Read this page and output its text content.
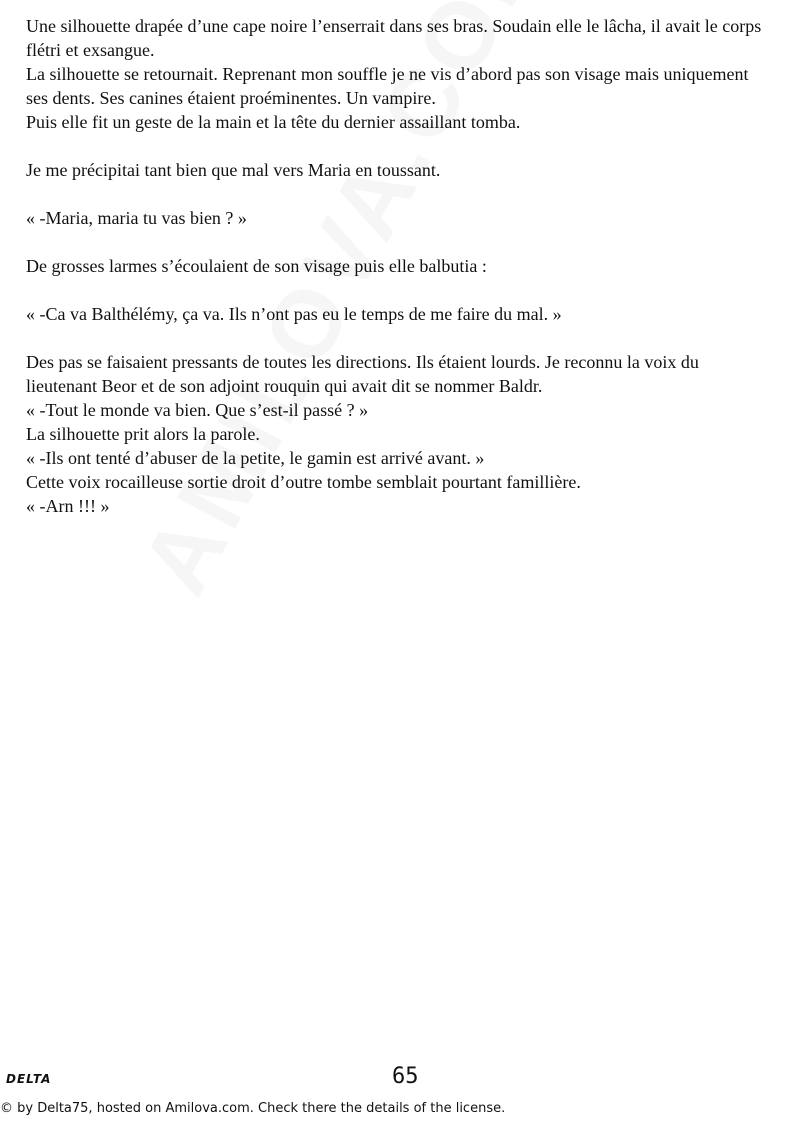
Une silhouette drapée d’une cape noire l’enserrait dans ses bras. Soudain elle le lâcha, il avait le corps flétri et exsangue.

La silhouette se retournait. Reprenant mon souffle je ne vis d’abord pas son visage mais uniquement ses dents. Ses canines étaient proéminentes. Un vampire.

Puis elle fit un geste de la main et la tête du dernier assaillant tomba.

Je me précipitai tant bien que mal vers Maria en toussant.

« -Maria, maria tu vas bien ? »

De grosses larmes s’écoulaient de son visage puis elle balbutia :

« -Ca va Balthélémy, ça va. Ils n’ont pas eu le temps de me faire du mal. »

Des pas se faisaient pressants de toutes les directions. Ils étaient lourds. Je reconnu la voix du lieutenant Beor et de son adjoint rouquin qui avait dit se nommer Baldr.

« -Tout le monde va bien. Que s’est-il passé ? »

La silhouette prit alors la parole.

« -Ils ont tenté d’abuser de la petite, le gamin est arrivé avant. »

Cette voix rocailleuse sortie droit d’outre tombe semblait pourtant famillière.

« -Arn !!! »

DELTA	65
© by Delta75, hosted on Amilova.com. Check there the details of the license.
